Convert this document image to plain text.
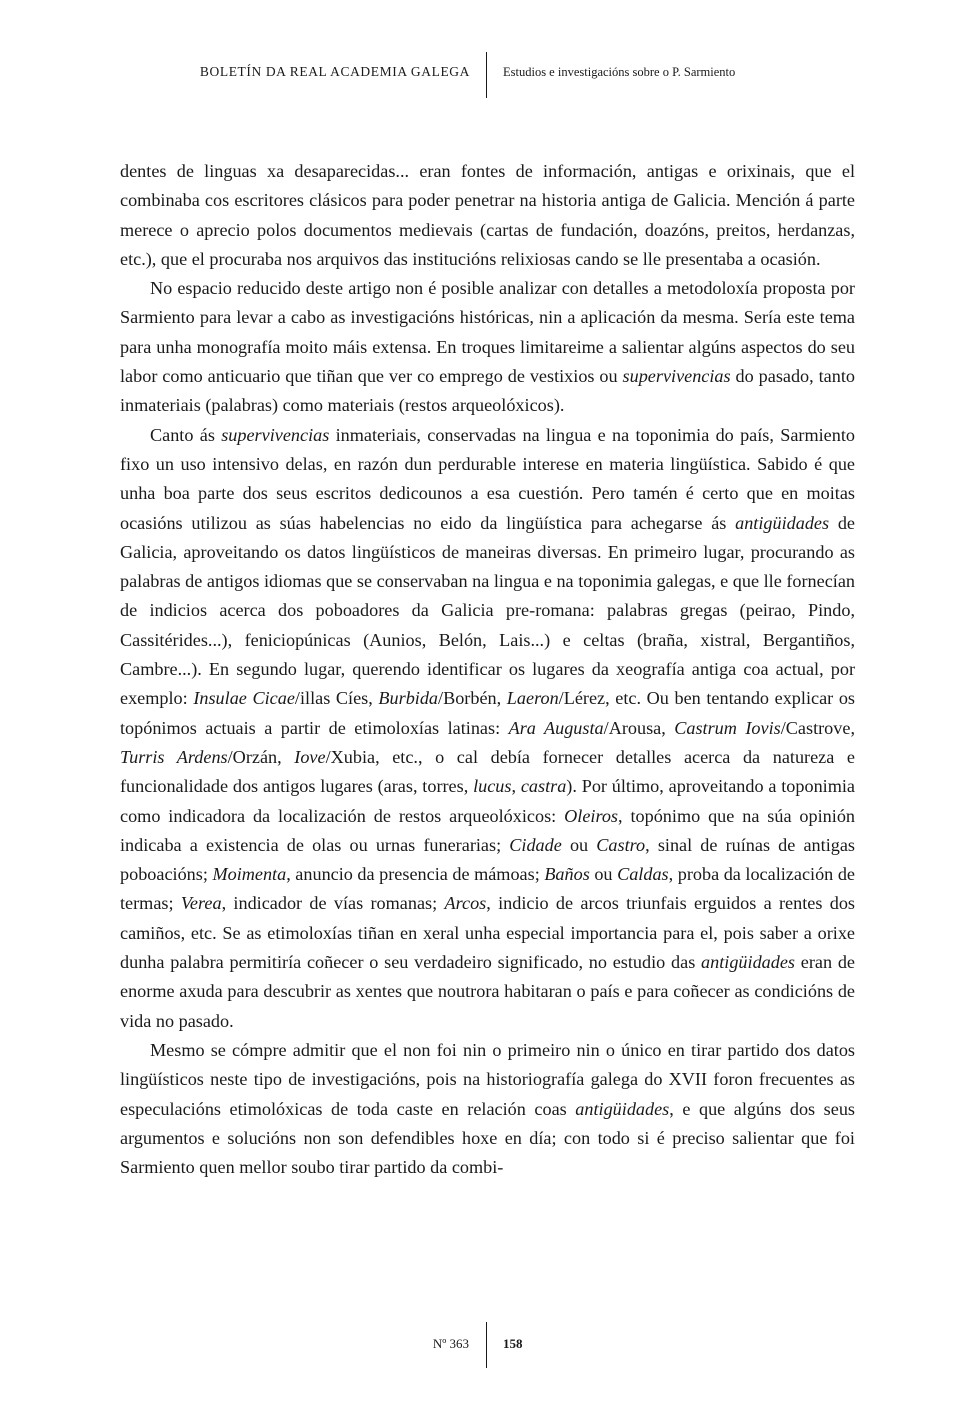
BOLETÍN DA REAL ACADEMIA GALEGA	Estudios e investigacións sobre o P. Sarmiento

dentes de linguas xa desaparecidas... eran fontes de información, antigas e orixinais, que el combinaba cos escritores clásicos para poder penetrar na historia antiga de Galicia. Mención á parte merece o aprecio polos documentos medievais (cartas de fundación, doazóns, preitos, herdanzas, etc.), que el procuraba nos arquivos das institucións relixiosas cando se lle presentaba a ocasión.

No espacio reducido deste artigo non é posible analizar con detalles a metodoloxía proposta por Sarmiento para levar a cabo as investigacións históricas, nin a aplicación da mesma. Sería este tema para unha monografía moito máis extensa. En troques limitareime a salientar algúns aspectos do seu labor como anticuario que tiñan que ver co emprego de vestixios ou supervivencias do pasado, tanto inmateriais (palabras) como materiais (restos arqueolóxicos).

Canto ás supervivencias inmateriais, conservadas na lingua e na toponimia do país, Sarmiento fixo un uso intensivo delas, en razón dun perdurable interese en materia lingüística. Sabido é que unha boa parte dos seus escritos dedicounos a esa cuestión. Pero tamén é certo que en moitas ocasións utilizou as súas habelencias no eido da lingüística para achegarse ás antigüidades de Galicia, aproveitando os datos lingüísticos de maneiras diversas. En primeiro lugar, procurando as palabras de antigos idiomas que se conservaban na lingua e na toponimia galegas, e que lle fornecían de indicios acerca dos poboadores da Galicia pre-romana: palabras gregas (peirao, Pindo, Cassitérides...), feniciopúnicas (Aunios, Belón, Lais...) e celtas (braña, xistral, Bergantiños, Cambre...). En segundo lugar, querendo identificar os lugares da xeografía antiga coa actual, por exemplo: Insulae Cicae/illas Cíes, Burbida/Borbén, Laeron/Lérez, etc. Ou ben tentando explicar os topónimos actuais a partir de etimoloxías latinas: Ara Augusta/Arousa, Castrum Iovis/Castrove, Turris Ardens/Orzán, Iove/Xubia, etc., o cal debía fornecer detalles acerca da natureza e funcionalidade dos antigos lugares (aras, torres, lucus, castra). Por último, aproveitando a toponimia como indicadora da localización de restos arqueolóxicos: Oleiros, topónimo que na súa opinión indicaba a existencia de olas ou urnas funerarias; Cidade ou Castro, sinal de ruínas de antigas poboacións; Moimenta, anuncio da presencia de mámoas; Baños ou Caldas, proba da localización de termas; Verea, indicador de vías romanas; Arcos, indicio de arcos triunfais erguidos a rentes dos camiños, etc. Se as etimoloxías tiñan en xeral unha especial importancia para el, pois saber a orixe dunha palabra permitiría coñecer o seu verdadeiro significado, no estudio das antigüidades eran de enorme axuda para descubrir as xentes que noutrora habitaran o país e para coñecer as condicións de vida no pasado.

Mesmo se cómpre admitir que el non foi nin o primeiro nin o único en tirar partido dos datos lingüísticos neste tipo de investigacións, pois na historiografía galega do XVII foron frecuentes as especulacións etimolóxicas de toda caste en relación coas antigüidades, e que algúns dos seus argumentos e solucións non son defendibles hoxe en día; con todo si é preciso salientar que foi Sarmiento quen mellor soubo tirar partido da combi-

Nº 363	158
